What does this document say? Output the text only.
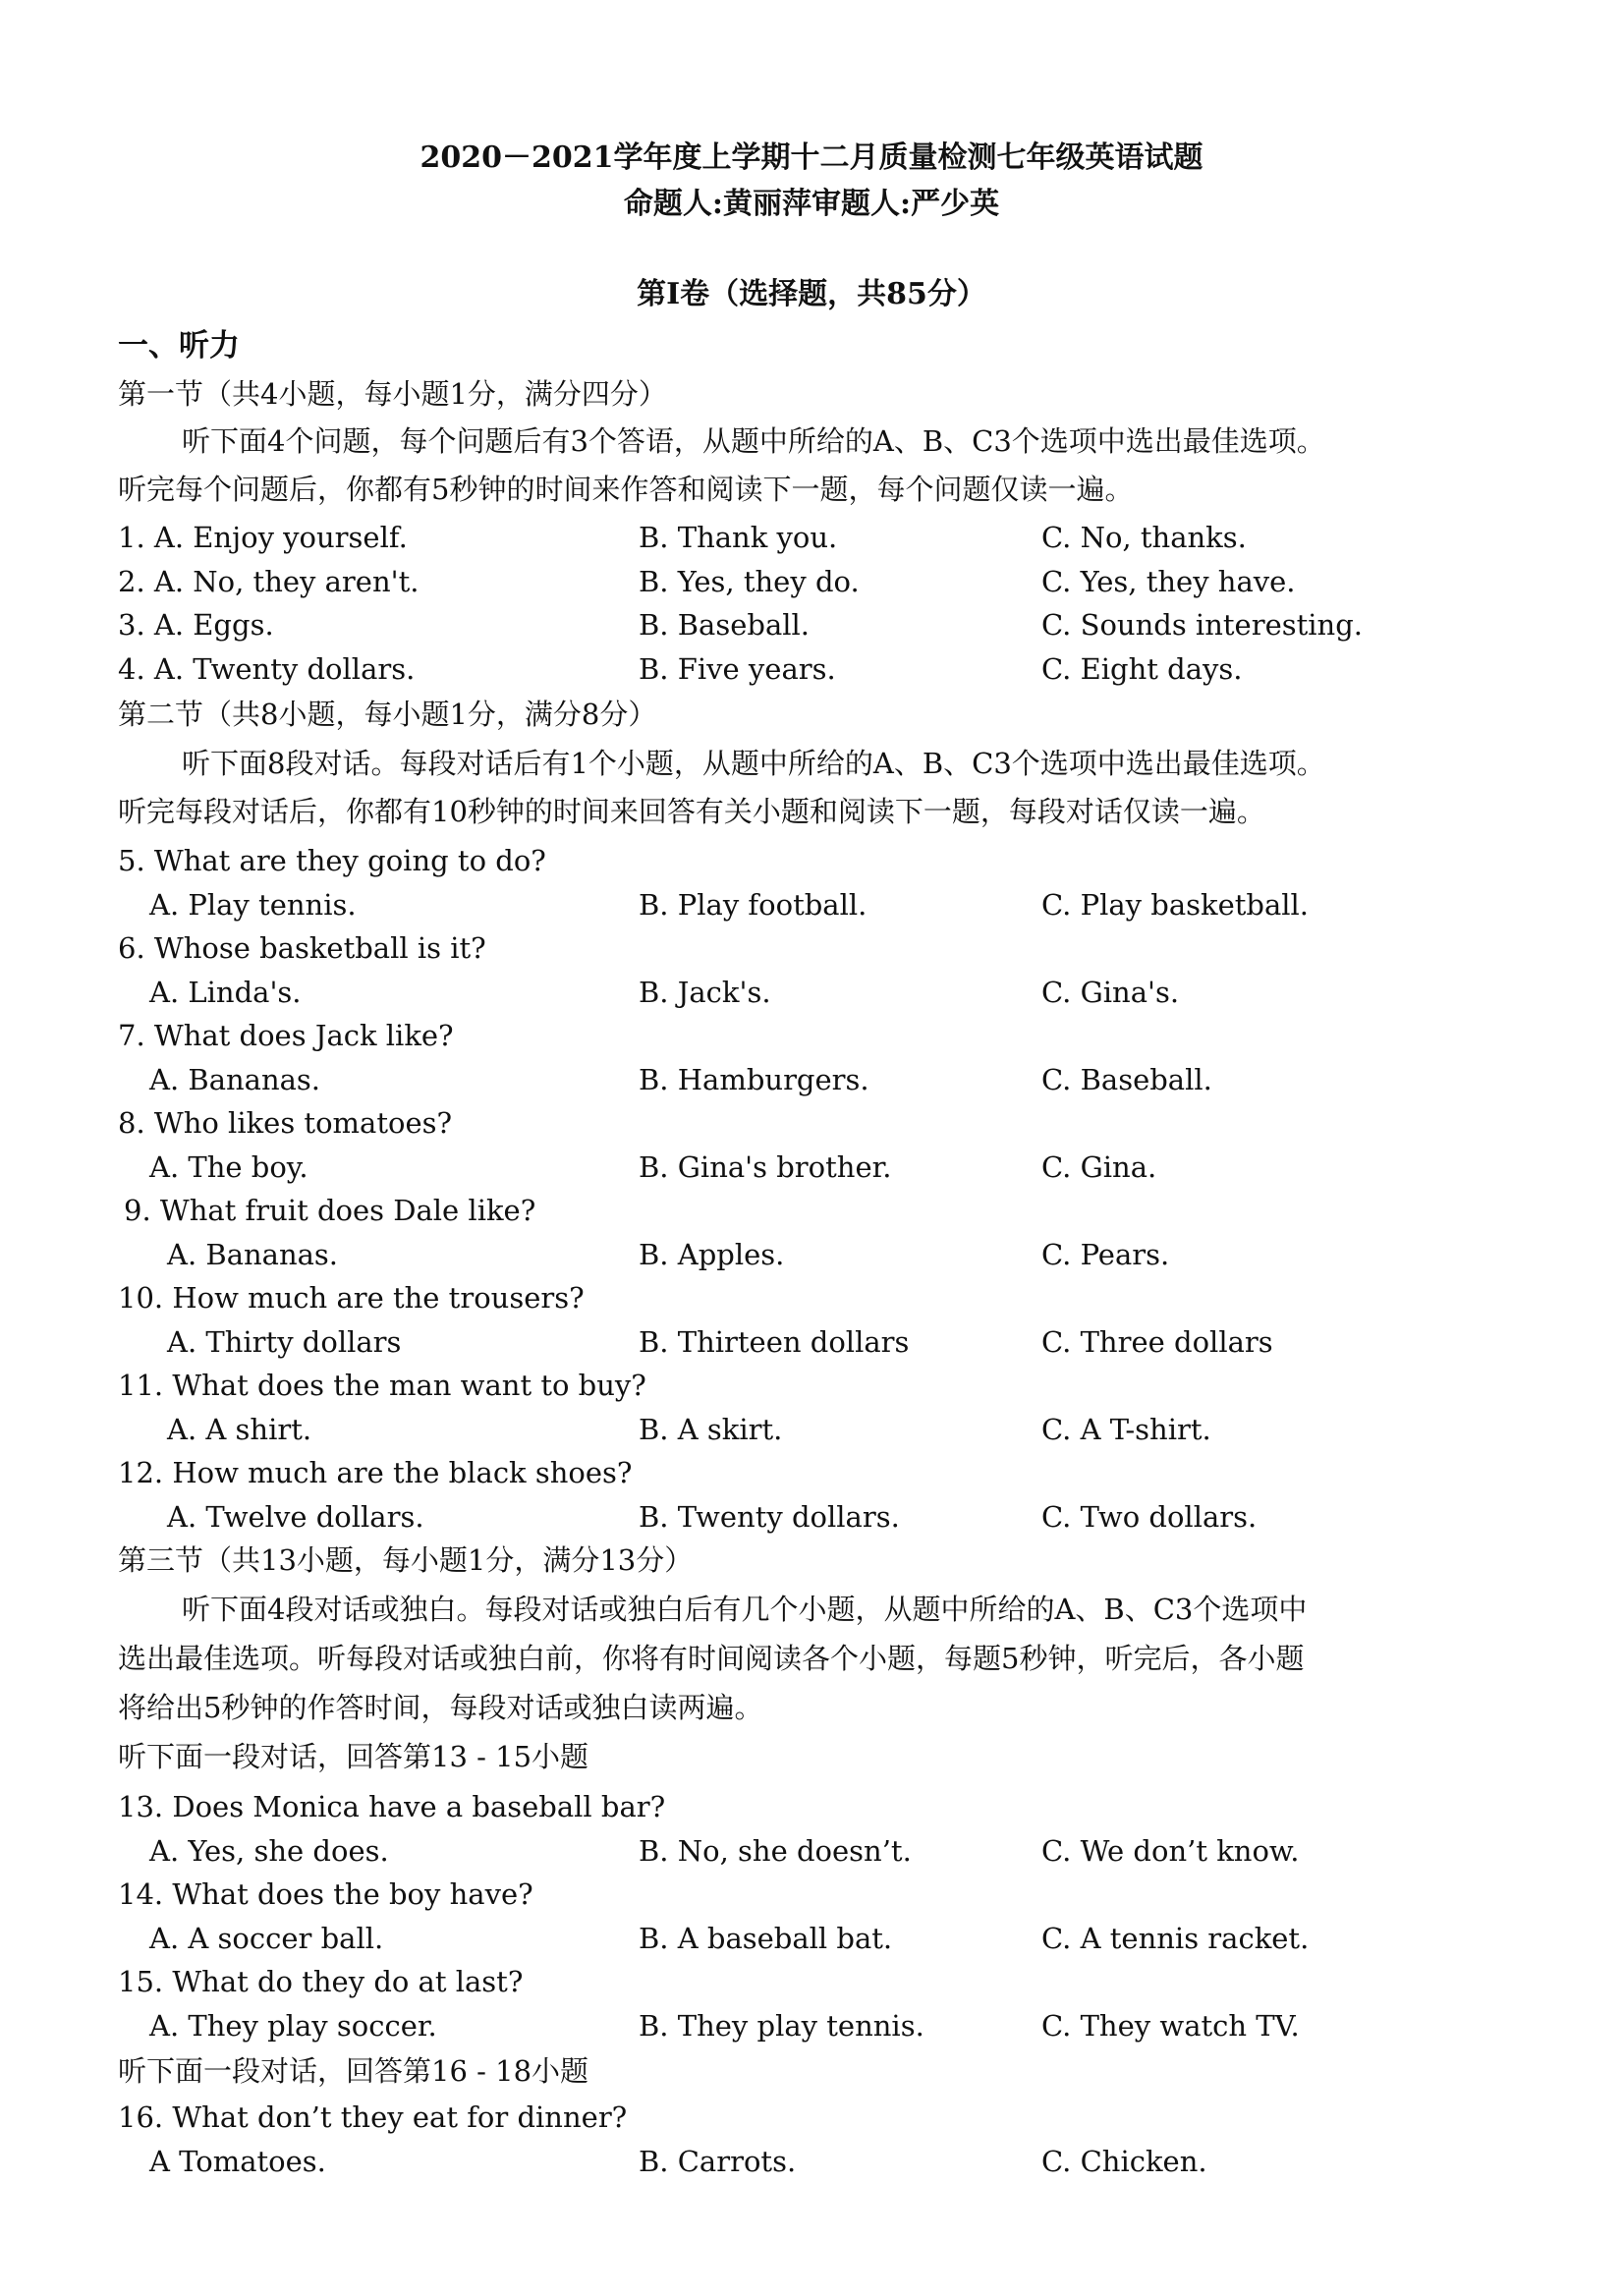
2020－2021学年度上学期十二月质量检测七年级英语试题
命题人:黄丽萍审题人:严少英
第Ⅰ卷（选择题，共85分）
一、听力
第一节（共4小题，每小题1分，满分四分）
听下面4个问题，每个问题后有3个答语，从题中所给的A、B、C3个选项中选出最佳选项。
听完每个问题后，你都有5秒钟的时间来作答和阅读下一题，每个问题仅读一遍。
1. A. Enjoy yourself.	B. Thank you.	C. No, thanks.
2. A. No, they aren't.	B. Yes, they do.	C. Yes, they have.
3. A. Eggs.	B. Baseball.	C. Sounds interesting.
4. A. Twenty dollars.	B. Five years.	C. Eight days.
第二节（共8小题，每小题1分，满分8分）
听下面8段对话。每段对话后有1个小题，从题中所给的A、B、C3个选项中选出最佳选项。
听完每段对话后，你都有10秒钟的时间来回答有关小题和阅读下一题，每段对话仅读一遍。
5. What are they going to do?
A. Play tennis.	B. Play football.	C. Play basketball.
6. Whose basketball is it?
A. Linda's.	B. Jack's.	C. Gina's.
7. What does Jack like?
A. Bananas.	B. Hamburgers.	C. Baseball.
8. Who likes tomatoes?
A. The boy.	B. Gina's brother.	C. Gina.
9. What fruit does Dale like?
A. Bananas.	B. Apples.	C. Pears.
10. How much are the trousers?
A. Thirty dollars	B. Thirteen dollars	C. Three dollars
11. What does the man want to buy?
A. A shirt.	B. A skirt.	C. A T-shirt.
12. How much are the black shoes?
A. Twelve dollars.	B. Twenty dollars.	C. Two dollars.
第三节（共13小题，每小题1分，满分13分）
听下面4段对话或独白。每段对话或独白后有几个小题，从题中所给的A、B、C3个选项中
选出最佳选项。听每段对话或独白前，你将有时间阅读各个小题，每题5秒钟，听完后，各小题
将给出5秒钟的作答时间，每段对话或独白读两遍。
听下面一段对话，回答第13 - 15小题
13. Does Monica have a baseball bar?
A. Yes, she does.	B. No, she doesn’t.	C. We don’t know.
14. What does the boy have?
A. A soccer ball.	B. A baseball bat.	C. A tennis racket.
15. What do they do at last?
A. They play soccer.	B. They play tennis.	C. They watch TV.
听下面一段对话，回答第16 - 18小题
16. What don’t they eat for dinner?
A Tomatoes.	B. Carrots.	C. Chicken.
